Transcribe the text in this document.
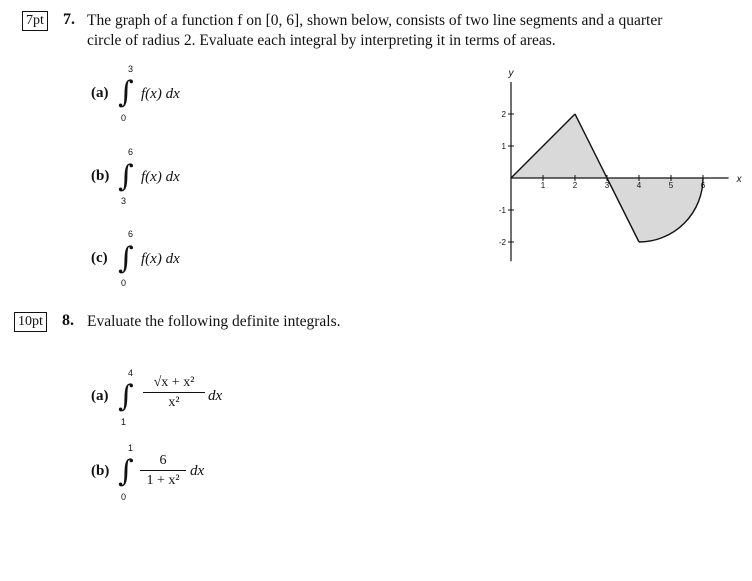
7pt 7. The graph of a function f on [0, 6], shown below, consists of two line segments and a quarter
circle of radius 2. Evaluate each integral by interpreting it in terms of areas.
(a)
3
∫
0
f(x) dx
(b)
6
∫
3
f(x) dx
(c)
6
∫
0
f(x) dx
1	2	3	4	5	6
2
1
-1
-2
x
y
10pt 8. Evaluate the following definite integrals.
(a)
4
∫
1
√x + x²
x²	dx
(b)
1
∫
0
6
1 + x²
dx
